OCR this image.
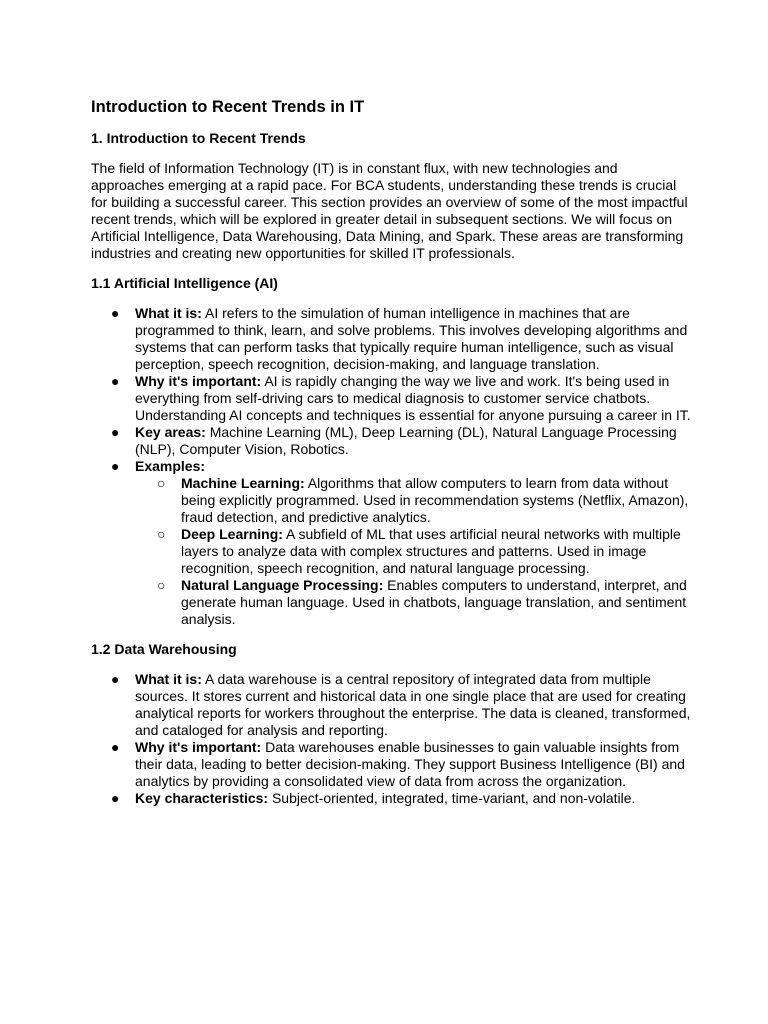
Introduction to Recent Trends in IT
1. Introduction to Recent Trends
The field of Information Technology (IT) is in constant flux, with new technologies and approaches emerging at a rapid pace. For BCA students, understanding these trends is crucial for building a successful career. This section provides an overview of some of the most impactful recent trends, which will be explored in greater detail in subsequent sections. We will focus on Artificial Intelligence, Data Warehousing, Data Mining, and Spark. These areas are transforming industries and creating new opportunities for skilled IT professionals.
1.1 Artificial Intelligence (AI)
● What it is: AI refers to the simulation of human intelligence in machines that are programmed to think, learn, and solve problems. This involves developing algorithms and systems that can perform tasks that typically require human intelligence, such as visual perception, speech recognition, decision-making, and language translation.
● Why it's important: AI is rapidly changing the way we live and work. It's being used in everything from self-driving cars to medical diagnosis to customer service chatbots. Understanding AI concepts and techniques is essential for anyone pursuing a career in IT.
● Key areas: Machine Learning (ML), Deep Learning (DL), Natural Language Processing (NLP), Computer Vision, Robotics.
● Examples:
○ Machine Learning: Algorithms that allow computers to learn from data without being explicitly programmed. Used in recommendation systems (Netflix, Amazon), fraud detection, and predictive analytics.
○ Deep Learning: A subfield of ML that uses artificial neural networks with multiple layers to analyze data with complex structures and patterns. Used in image recognition, speech recognition, and natural language processing.
○ Natural Language Processing: Enables computers to understand, interpret, and generate human language. Used in chatbots, language translation, and sentiment analysis.
1.2 Data Warehousing
● What it is: A data warehouse is a central repository of integrated data from multiple sources. It stores current and historical data in one single place that are used for creating analytical reports for workers throughout the enterprise. The data is cleaned, transformed, and cataloged for analysis and reporting.
● Why it's important: Data warehouses enable businesses to gain valuable insights from their data, leading to better decision-making. They support Business Intelligence (BI) and analytics by providing a consolidated view of data from across the organization.
● Key characteristics: Subject-oriented, integrated, time-variant, and non-volatile.
